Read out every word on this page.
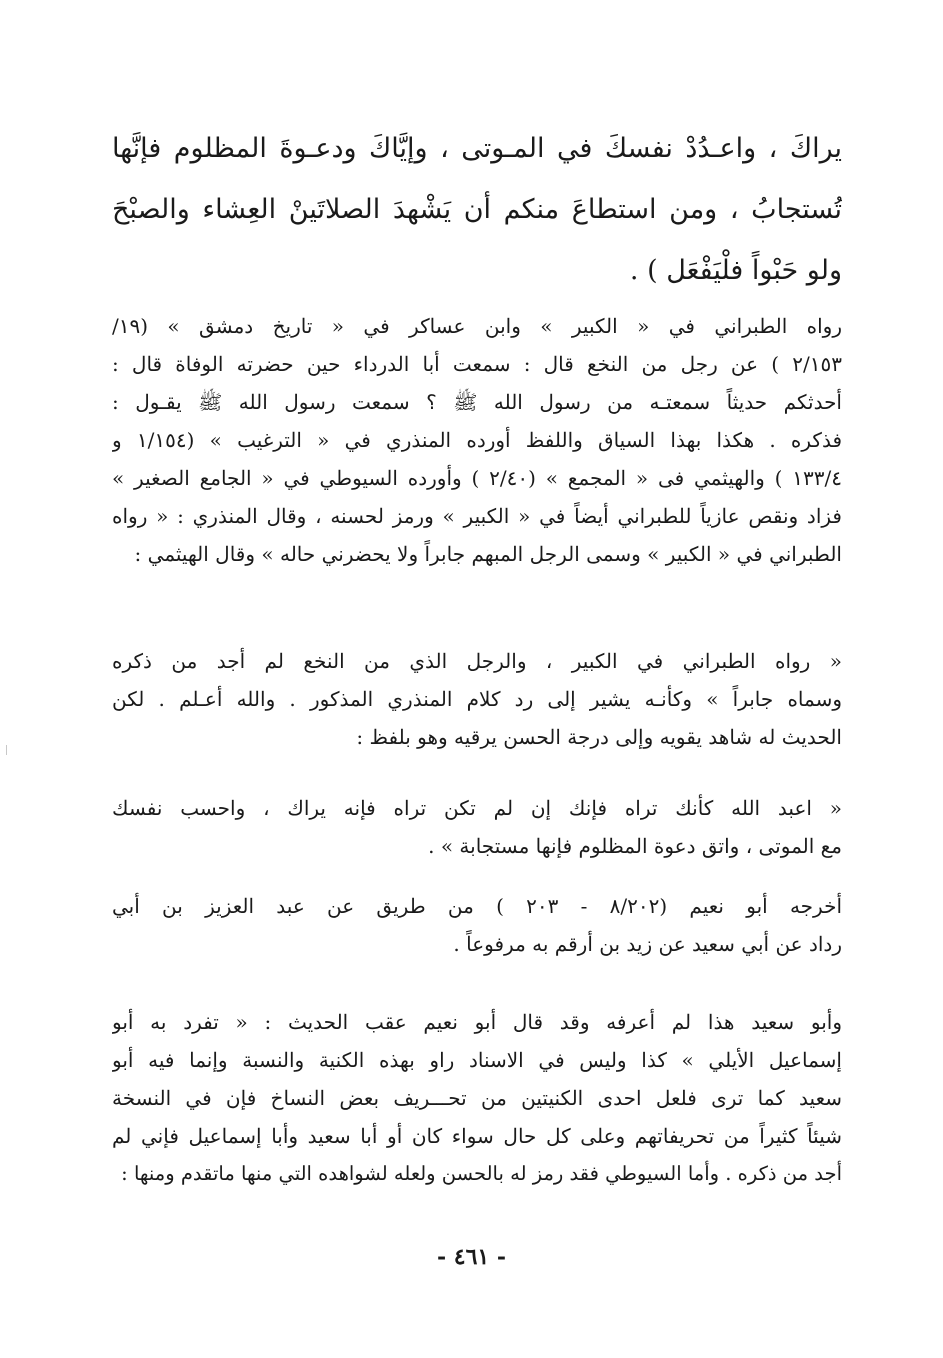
يراكَ ، واعـدُدْ نفسكَ في المـوتى ، وإيَّاكَ ودعـوةَ المظلوم فإنَّها
تُستجابُ ، ومن استطاعَ منكم أن يَشْهدَ الصلاتَينْ العِشاء والصبْحَ
ولو حَبْواً فلْيَفْعَل ) .
رواه الطبراني في « الكبير » وابن عساكر في « تاريخ دمشق » (١٩/
٢/١٥٣ ) عن رجل من النخع قال : سمعت أبا الدرداء حين حضرته الوفاة قال :
أحدثكم حديثاً سمعتـه من رسول الله ﷺ ؟ سمعت رسول الله ﷺ يقـول :
فذكره . هكذا بهذا السياق واللفظ أورده المنذري في « الترغيب » (١/١٥٤ و
١٣٣/٤ ) والهيثمي فى « المجمع » (٢/٤٠ ) وأورده السيوطي في « الجامع الصغير »
فزاد ونقص عازياً للطبراني أيضاً في « الكبير » ورمز لحسنه ، وقال المنذري : « رواه
الطبراني في « الكبير » وسمى الرجل المبهم جابراً ولا يحضرني حاله » وقال الهيثمي :
« رواه الطبراني في الكبير ، والرجل الذي من النخع لم أجد من ذكره
وسماه جابراً » وكأنـه يشير إلى رد كلام المنذري المذكور . والله أعـلم . لكن
الحديث له شاهد يقويه وإلى درجة الحسن يرقيه وهو بلفظ :
« اعبد الله كأنك تراه فإنك إن لم تكن تراه فإنه يراك ، واحسب نفسك
مع الموتى ، واتق دعوة المظلوم فإنها مستجابة » .
أخرجه أبو نعيم (٨/٢٠٢ - ٢٠٣ ) من طريق عن عبد العزيز بن أبي
رداد عن أبي سعيد عن زيد بن أرقم به مرفوعاً .
وأبو سعيد هذا لم أعرفه وقد قال أبو نعيم عقب الحديث : « تفرد به أبو
إسماعيل الأيلي » كذا وليس في الاسناد راو بهذه الكنية والنسبة وإنما فيه أبو
سعيد كما ترى فلعل احدى الكنيتين من تحـــريف بعض النساخ فإن في النسخة
شيئاً كثيراً من تحريفاتهم وعلى كل حال سواء كان أو أبا سعيد وأبا إسماعيل فإني لم
أجد من ذكره . وأما السيوطي فقد رمز له بالحسن ولعله لشواهده التي منها ماتقدم ومنها :
- ٤٦١ -
